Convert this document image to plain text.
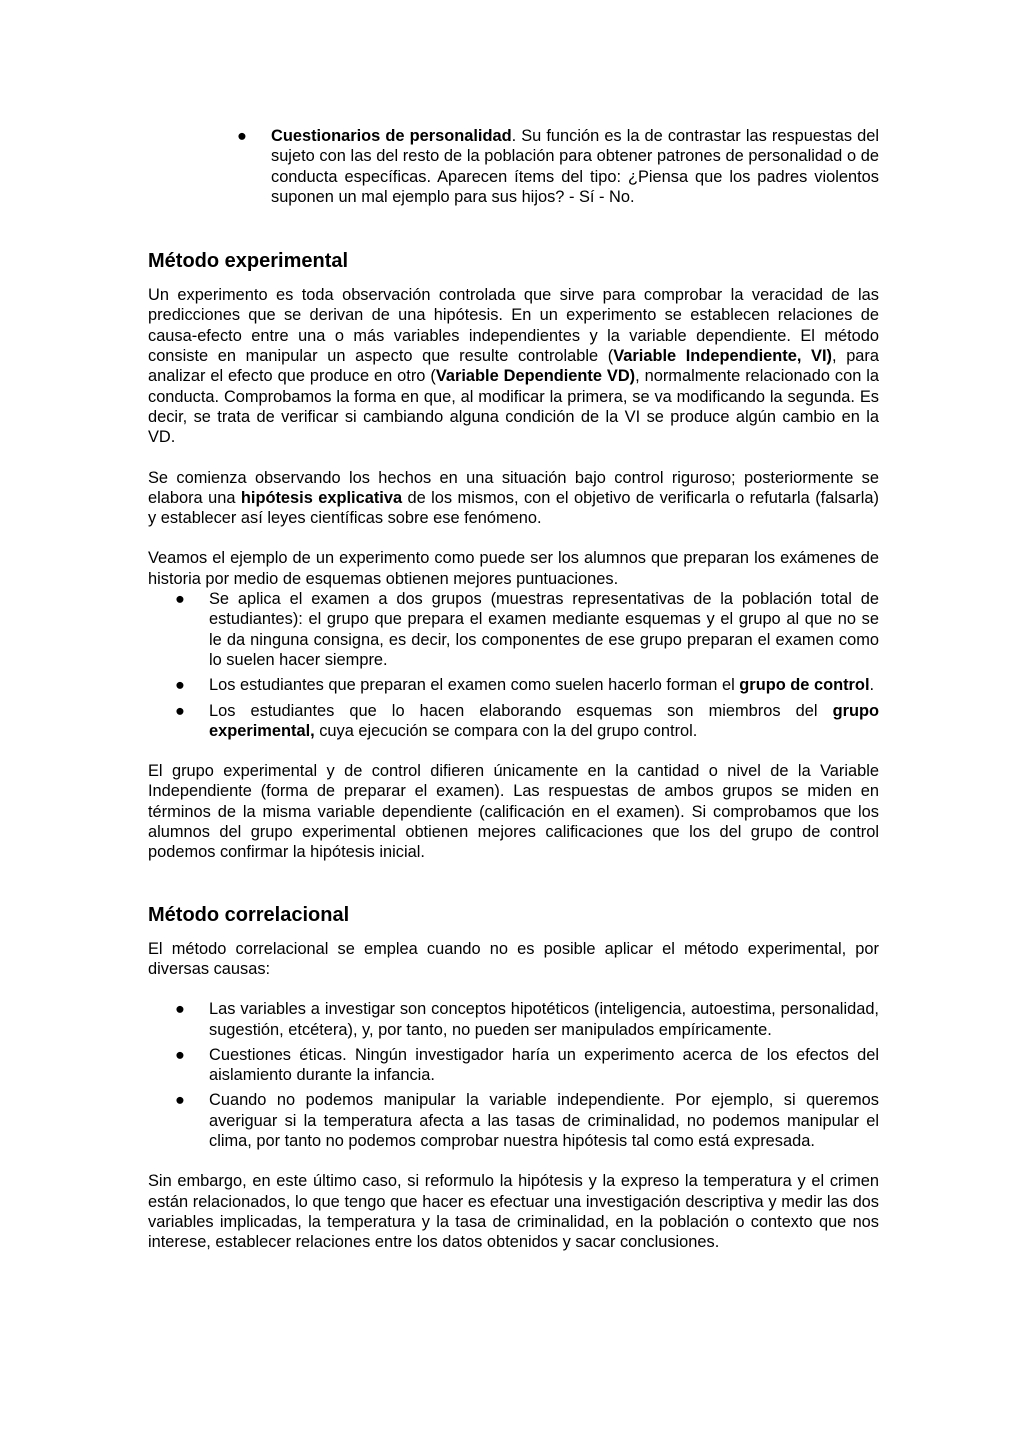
● Cuestionarios de personalidad. Su función es la de contrastar las respuestas del sujeto con las del resto de la población para obtener patrones de personalidad o de conducta específicas. Aparecen ítems del tipo: ¿Piensa que los padres violentos suponen un mal ejemplo para sus hijos? - Sí - No.
Método experimental

Un experimento es toda observación controlada que sirve para comprobar la veracidad de las predicciones que se derivan de una hipótesis. En un experimento se establecen relaciones de causa-efecto entre una o más variables independientes y la variable dependiente. El método consiste en manipular un aspecto que resulte controlable (Variable Independiente, VI), para analizar el efecto que produce en otro (Variable Dependiente VD), normalmente relacionado con la conducta. Comprobamos la forma en que, al modificar la primera, se va modificando la segunda. Es decir, se trata de verificar si cambiando alguna condición de la VI se produce algún cambio en la VD.

Se comienza observando los hechos en una situación bajo control riguroso; posteriormente se elabora una hipótesis explicativa de los mismos, con el objetivo de verificarla o refutarla (falsarla) y establecer así leyes científicas sobre ese fenómeno.

Veamos el ejemplo de un experimento como puede ser los alumnos que preparan los exámenes de historia por medio de esquemas obtienen mejores puntuaciones.

● Se aplica el examen a dos grupos (muestras representativas de la población total de estudiantes): el grupo que prepara el examen mediante esquemas y el grupo al que no se le da ninguna consigna, es decir, los componentes de ese grupo preparan el examen como lo suelen hacer siempre.
● Los estudiantes que preparan el examen como suelen hacerlo forman el grupo de control.
● Los estudiantes que lo hacen elaborando esquemas son miembros del grupo experimental, cuya ejecución se compara con la del grupo control.

El grupo experimental y de control difieren únicamente en la cantidad o nivel de la Variable Independiente (forma de preparar el examen). Las respuestas de ambos grupos se miden en términos de la misma variable dependiente (calificación en el examen). Si comprobamos que los alumnos del grupo experimental obtienen mejores calificaciones que los del grupo de control podemos confirmar la hipótesis inicial.

Método correlacional

El método correlacional se emplea cuando no es posible aplicar el método experimental, por diversas causas:

● Las variables a investigar son conceptos hipotéticos (inteligencia, autoestima, personalidad, sugestión, etcétera), y, por tanto, no pueden ser manipulados empíricamente.
● Cuestiones éticas. Ningún investigador haría un experimento acerca de los efectos del aislamiento durante la infancia.
● Cuando no podemos manipular la variable independiente. Por ejemplo, si queremos averiguar si la temperatura afecta a las tasas de criminalidad, no podemos manipular el clima, por tanto no podemos comprobar nuestra hipótesis tal como está expresada.

Sin embargo, en este último caso, si reformulo la hipótesis y la expreso la temperatura y el crimen están relacionados, lo que tengo que hacer es efectuar una investigación descriptiva y medir las dos variables implicadas, la temperatura y la tasa de criminalidad, en la población o contexto que nos interese, establecer relaciones entre los datos obtenidos y sacar conclusiones.
